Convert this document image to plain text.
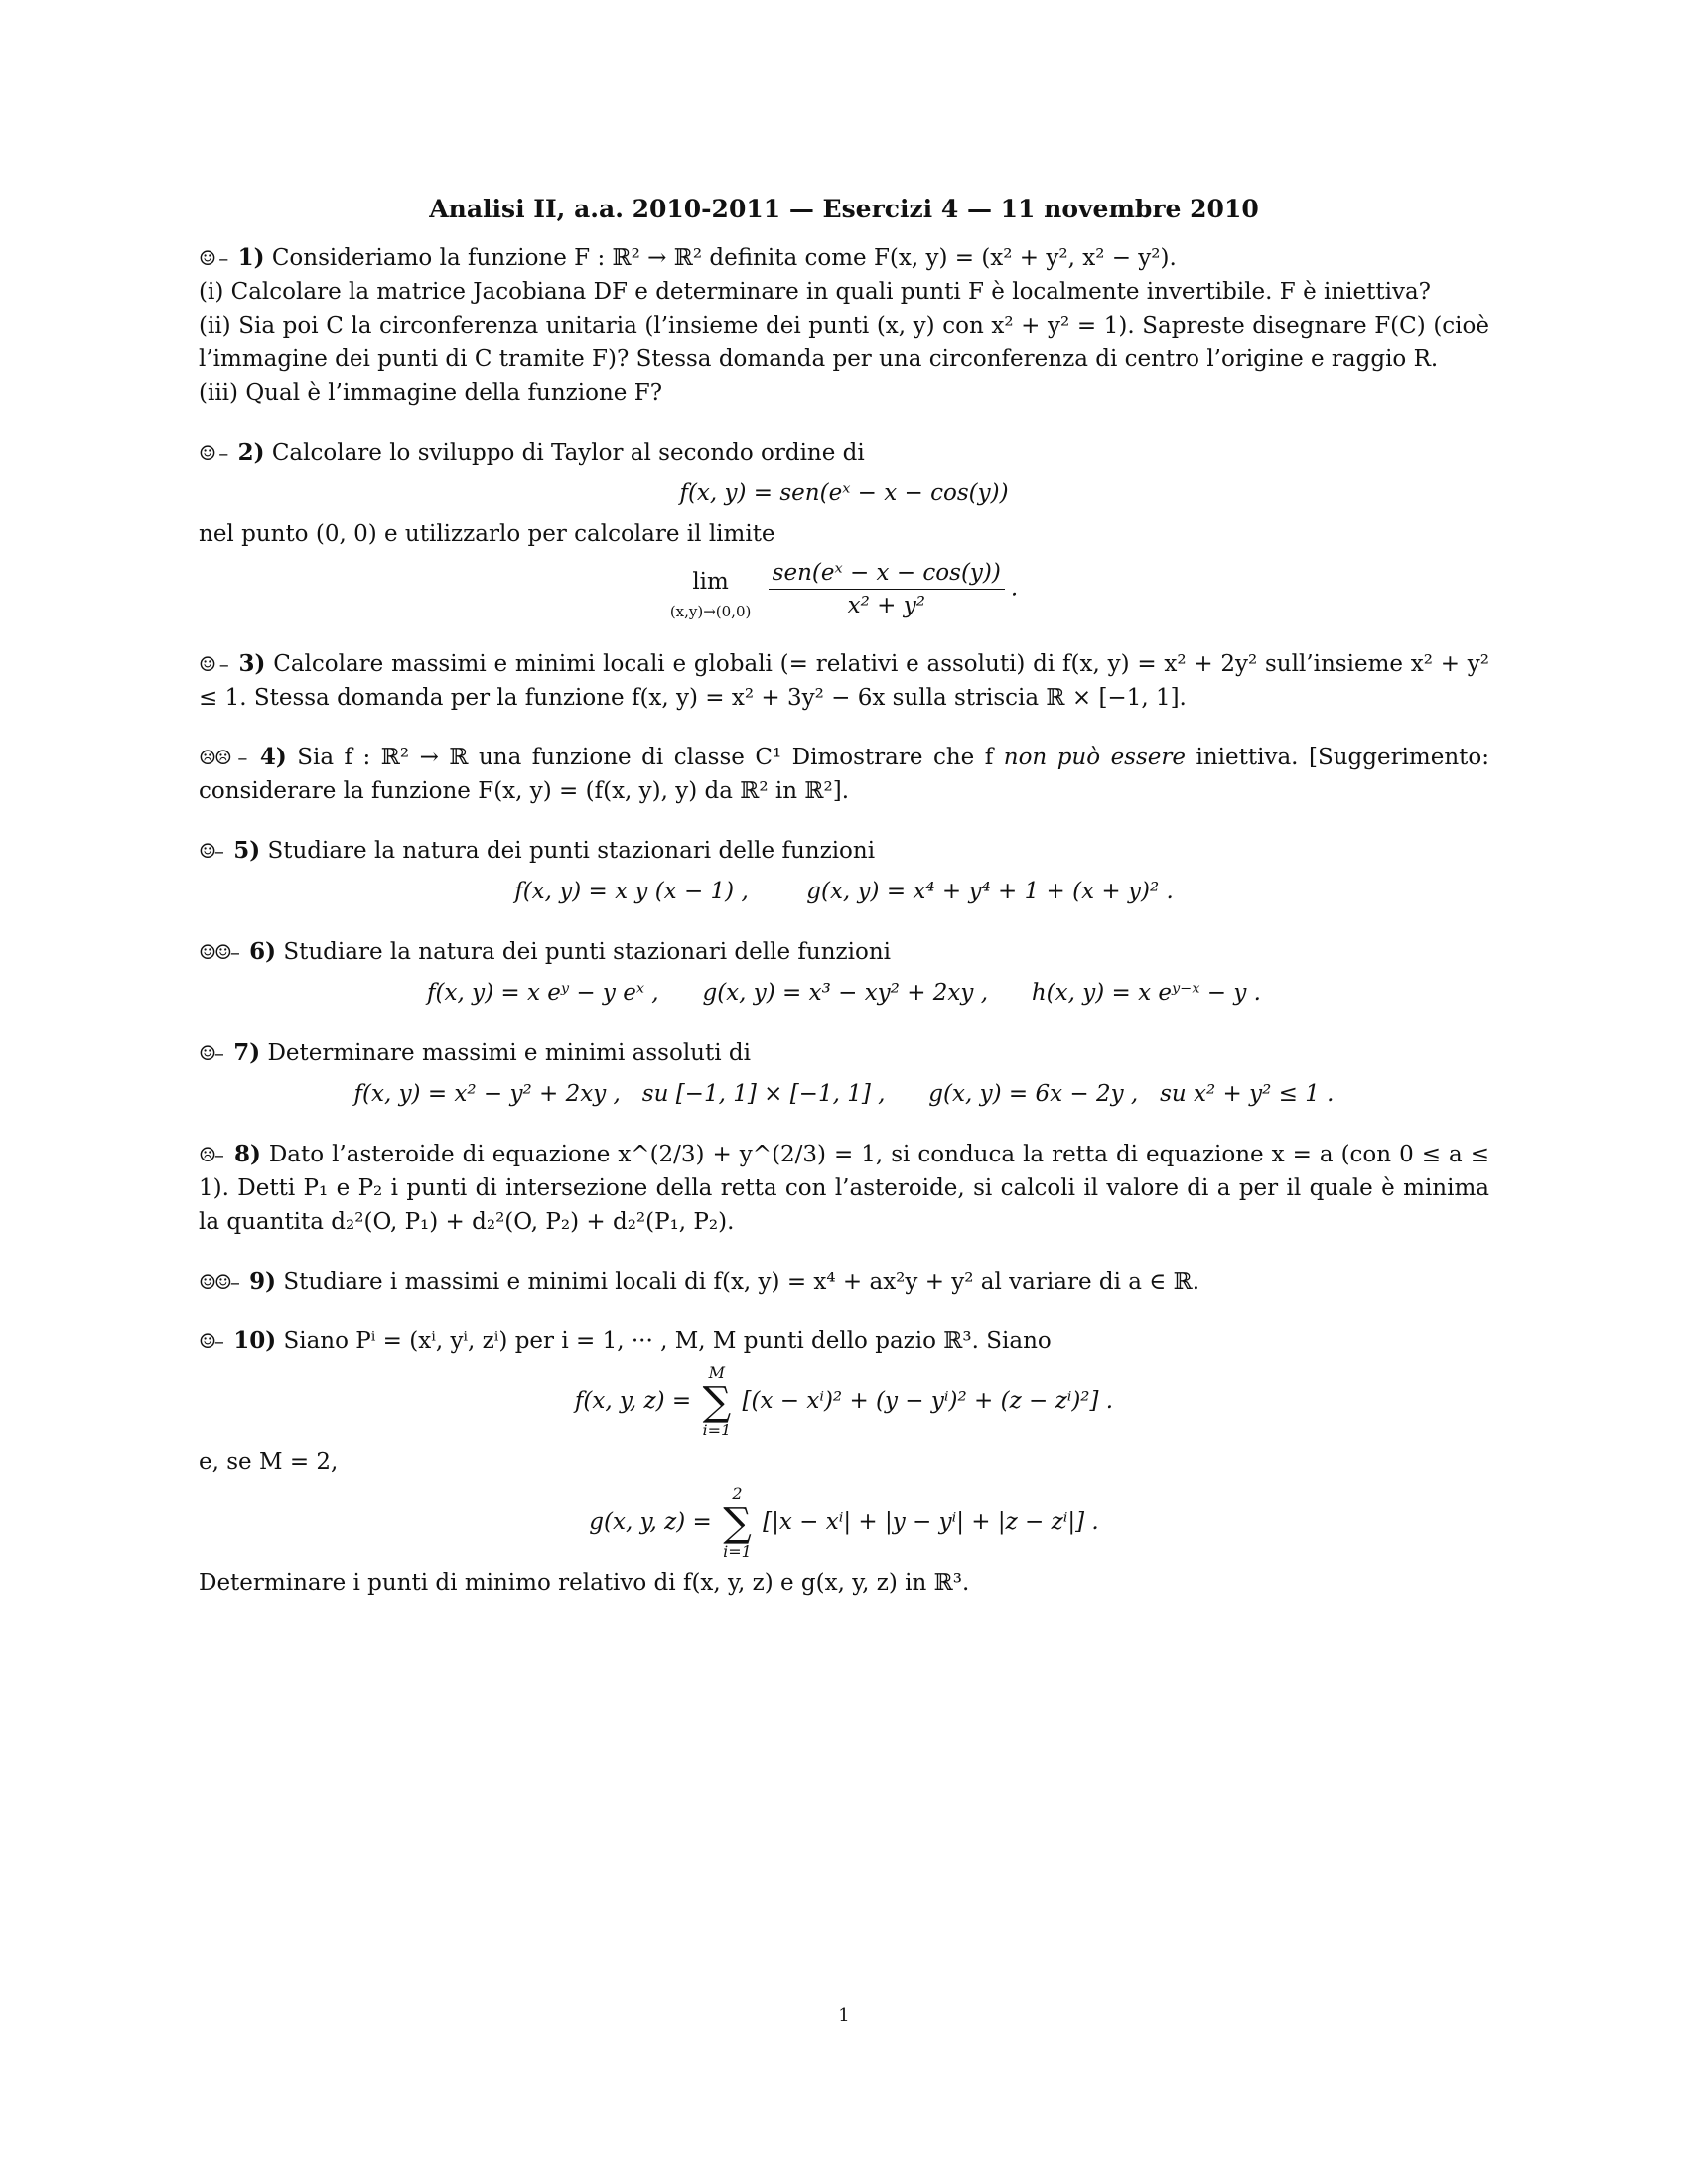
Analisi II, a.a. 2010-2011 — Esercizi 4 — 11 novembre 2010

☺ – 1) Consideriamo la funzione F : ℝ² → ℝ² definita come F(x, y) = (x² + y², x² − y²).

(i) Calcolare la matrice Jacobiana DF e determinare in quali punti F è localmente invertibile. F è iniettiva?

(ii) Sia poi C la circonferenza unitaria (l’insieme dei punti (x, y) con x² + y² = 1). Sapreste disegnare F(C) (cioè l’immagine dei punti di C tramite F)? Stessa domanda per una circonferenza di centro l’origine e raggio R.

(iii) Qual è l’immagine della funzione F?

☺ – 2) Calcolare lo sviluppo di Taylor al secondo ordine di

f(x, y) = sen(eˣ − x − cos(y))

nel punto (0, 0) e utilizzarlo per calcolare il limite

lim
(x,y)→(0,0)
$\frac{\text{sen(eˣ − x − cos(y))}}{\text{x² + y²}}$ .

☺ – 3) Calcolare massimi e minimi locali e globali (= relativi e assoluti) di f(x, y) = x² + 2y² sull’insieme x² + y² ≤ 1. Stessa domanda per la funzione f(x, y) = x² + 3y² − 6x sulla striscia ℝ × [−1, 1].

☹☹ – 4) Sia f : ℝ² → ℝ una funzione di classe C¹ Dimostrare che f non può essere iniettiva. [Suggerimento: considerare la funzione F(x, y) = (f(x, y), y) da ℝ² in ℝ²].

☺– 5) Studiare la natura dei punti stazionari delle funzioni

f(x, y) = x y (x − 1) ,        g(x, y) = x⁴ + y⁴ + 1 + (x + y)² .

☺☺– 6) Studiare la natura dei punti stazionari delle funzioni

f(x, y) = x eʸ − y eˣ ,      g(x, y) = x³ − xy² + 2xy ,      h(x, y) = x eʸ⁻ˣ − y .

☺– 7) Determinare massimi e minimi assoluti di

f(x, y) = x² − y² + 2xy ,   su [−1, 1] × [−1, 1] ,      g(x, y) = 6x − 2y ,   su x² + y² ≤ 1 .

☹– 8) Dato l’asteroide di equazione x^(2/3) + y^(2/3) = 1, si conduca la retta di equazione x = a (con 0 ≤ a ≤ 1). Detti P₁ e P₂ i punti di intersezione della retta con l’asteroide, si calcoli il valore di a per il quale è minima la quantita d₂²(O, P₁) + d₂²(O, P₂) + d₂²(P₁, P₂).

☺☺– 9) Studiare i massimi e minimi locali di f(x, y) = x⁴ + ax²y + y² al variare di a ∈ ℝ.

☺– 10) Siano Pⁱ = (xⁱ, yⁱ, zⁱ) per i = 1, ··· , M, M punti dello pazio ℝ³. Siano

f(x, y, z) =
M
∑
i=1
[(x − xⁱ)² + (y − yⁱ)² + (z − zⁱ)²] .

e, se M = 2,

g(x, y, z) =
2
∑
i=1
[|x − xⁱ| + |y − yⁱ| + |z − zⁱ|] .

Determinare i punti di minimo relativo di f(x, y, z) e g(x, y, z) in ℝ³.

1
